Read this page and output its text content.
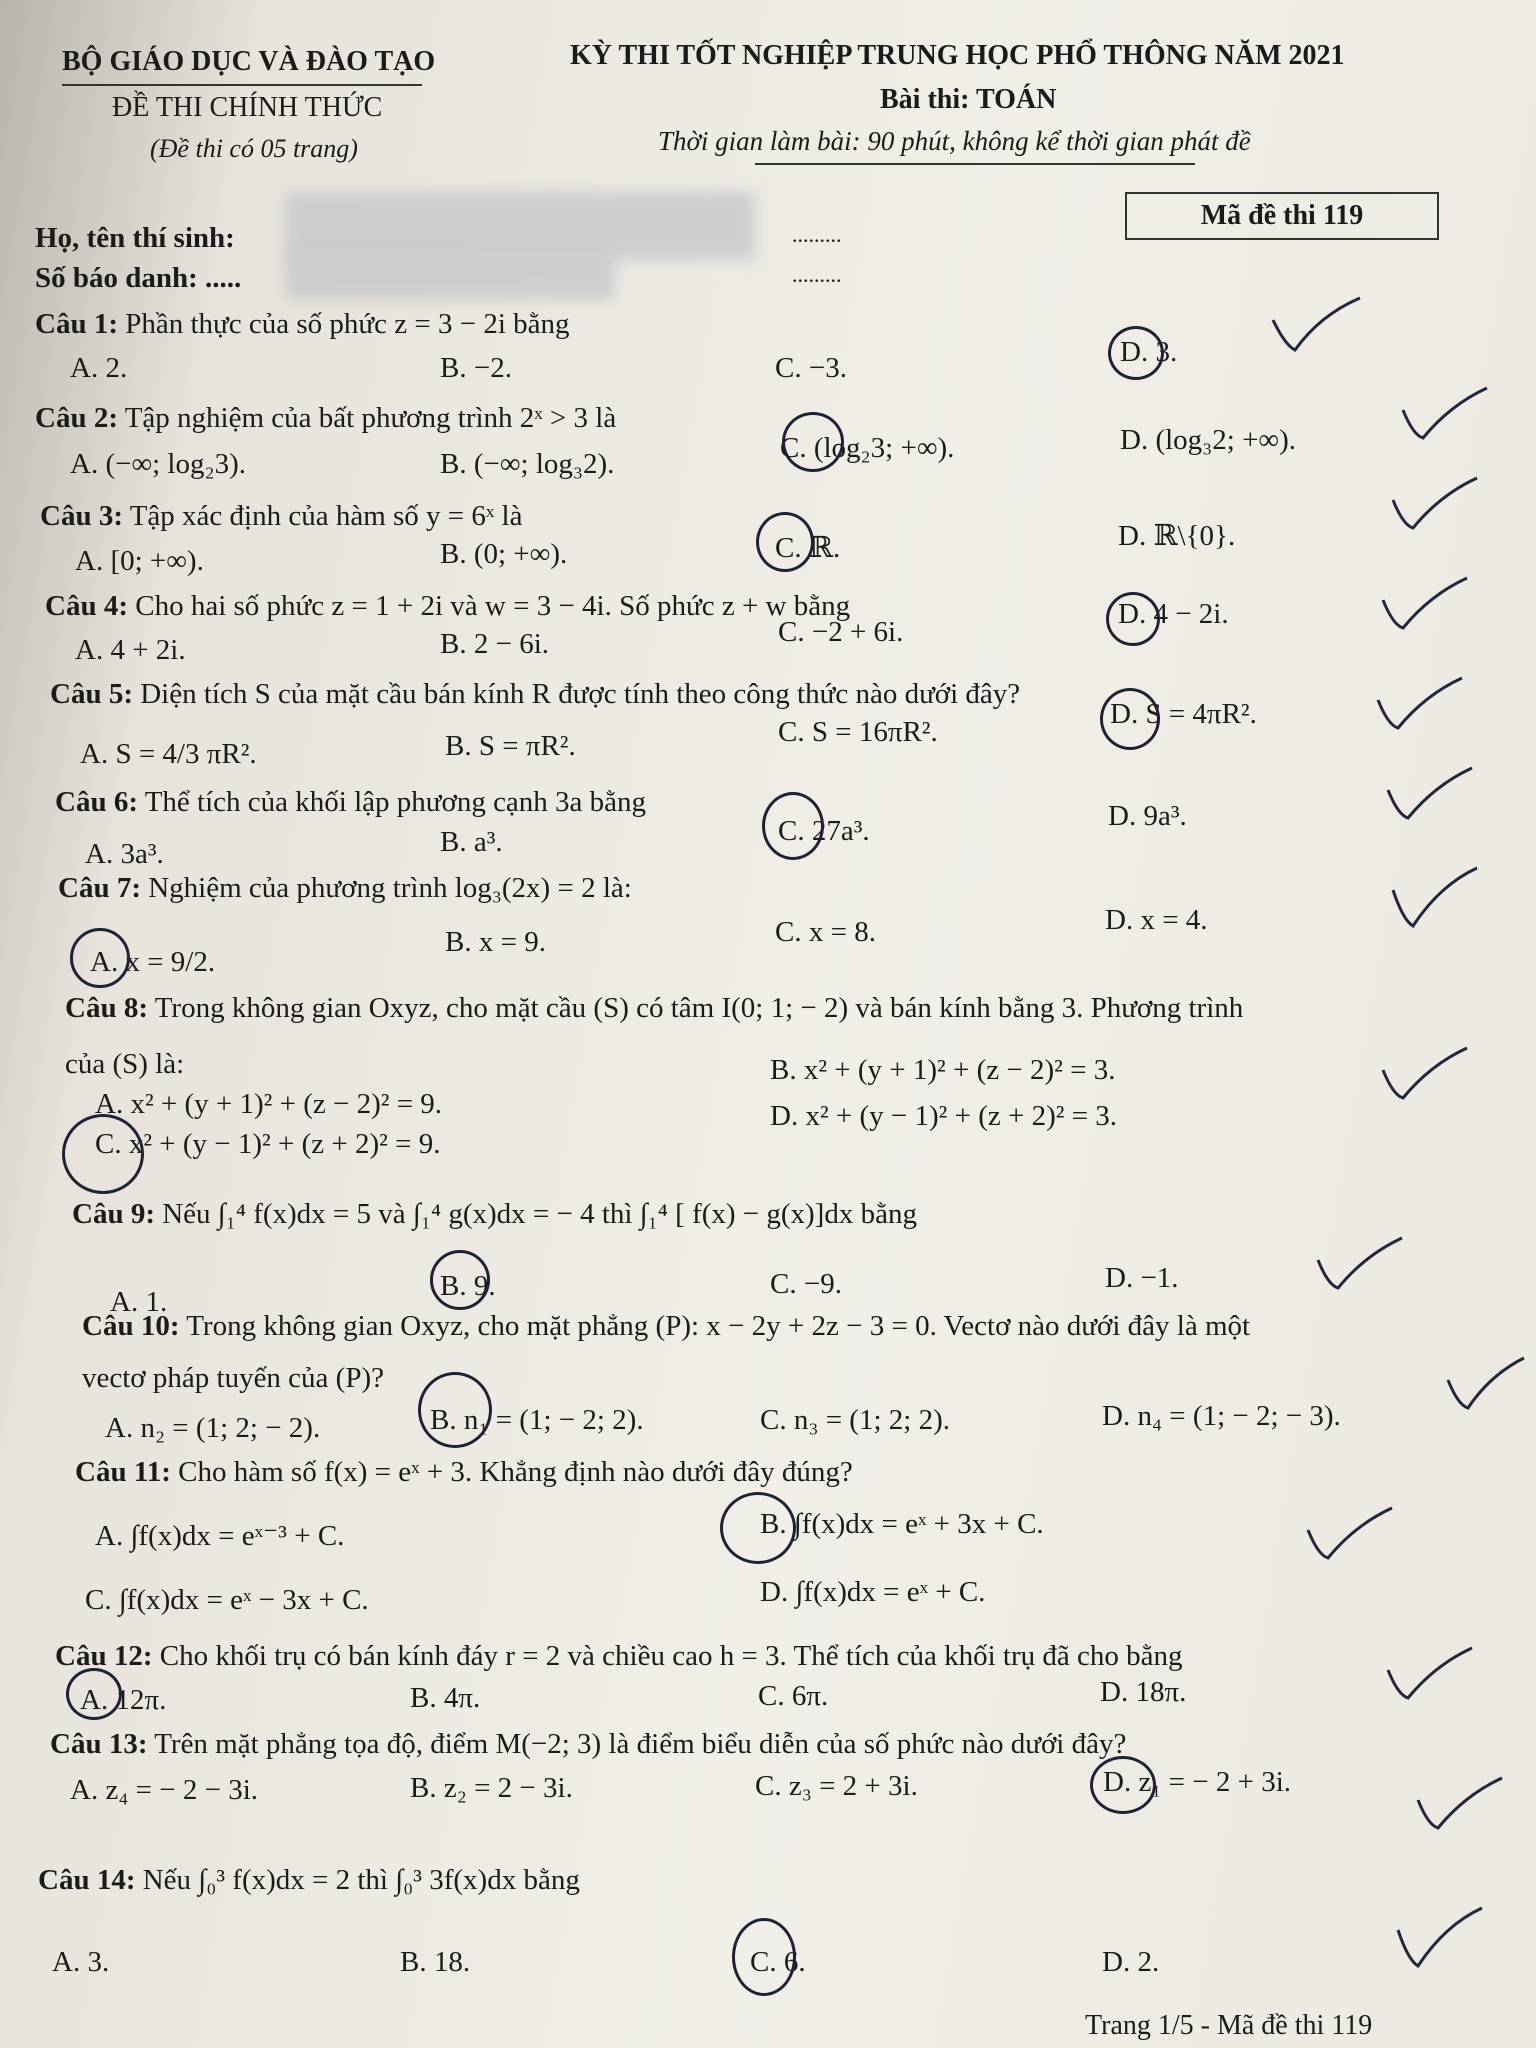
BỘ GIÁO DỤC VÀ ĐÀO TẠO
ĐỀ THI CHÍNH THỨC
(Đề thi có 05 trang)
KỲ THI TỐT NGHIỆP TRUNG HỌC PHỔ THÔNG NĂM 2021
Bài thi: TOÁN
Thời gian làm bài: 90 phút, không kể thời gian phát đề
Mã đề thi 119
Họ, tên thí sinh:	.........
Số báo danh: .....	.........
Câu 1: Phần thực của số phức z = 3 − 2i bằng
A. 2.	B. −2.	C. −3.	D. 3.
Câu 2: Tập nghiệm của bất phương trình 2ˣ > 3 là
A. (−∞; log₂3).	B. (−∞; log₃2).	C. (log₂3; +∞).	D. (log₃2; +∞).
Câu 3: Tập xác định của hàm số y = 6ˣ là
A. [0; +∞).	B. (0; +∞).	C. ℝ.	D. ℝ\{0}.
Câu 4: Cho hai số phức z = 1 + 2i và w = 3 − 4i. Số phức z + w bằng
A. 4 + 2i.	B. 2 − 6i.	C. −2 + 6i.
D. 4 − 2i.
Câu 5: Diện tích S của mặt cầu bán kính R được tính theo công thức nào dưới đây?
A. S = 4/3 πR².	B. S = πR².	C. S = 16πR².
D. S = 4πR².
Câu 6: Thể tích của khối lập phương cạnh 3a bằng
A. 3a³.	B. a³.	C. 27a³.	D. 9a³.
Câu 7: Nghiệm của phương trình log₃(2x) = 2 là:
A. x = 9/2.
B. x = 9.	C. x = 8.	D. x = 4.
Câu 8: Trong không gian Oxyz, cho mặt cầu (S) có tâm I(0; 1; − 2) và bán kính bằng 3. Phương trình
của (S) là:
A. x² + (y + 1)² + (z − 2)² = 9.
B. x² + (y + 1)² + (z − 2)² = 3.
C. x² + (y − 1)² + (z + 2)² = 9.
D. x² + (y − 1)² + (z + 2)² = 3.
Câu 9: Nếu ∫₁⁴ f(x)dx = 5 và ∫₁⁴ g(x)dx = − 4 thì ∫₁⁴ [ f(x) − g(x)]dx bằng
A. 1.	B. 9.	C. −9.	D. −1.
Câu 10: Trong không gian Oxyz, cho mặt phẳng (P): x − 2y + 2z − 3 = 0. Vectơ nào dưới đây là một
vectơ pháp tuyến của (P)?
A. n₂ = (1; 2; − 2).	B. n₁ = (1; − 2; 2).	C. n₃ = (1; 2; 2).	D. n₄ = (1; − 2; − 3).
Câu 11: Cho hàm số f(x) = eˣ + 3. Khẳng định nào dưới đây đúng?
A. ∫f(x)dx = eˣ⁻³ + C.	B. ∫f(x)dx = eˣ + 3x + C.
C. ∫f(x)dx = eˣ − 3x + C.	D. ∫f(x)dx = eˣ + C.
Câu 12: Cho khối trụ có bán kính đáy r = 2 và chiều cao h = 3. Thể tích của khối trụ đã cho bằng
A. 12π.	B. 4π.	C. 6π.	D. 18π.
Câu 13: Trên mặt phẳng tọa độ, điểm M(−2; 3) là điểm biểu diễn của số phức nào dưới đây?
A. z₄ = − 2 − 3i.	B. z₂ = 2 − 3i.	C. z₃ = 2 + 3i.	D. z₁ = − 2 + 3i.
Câu 14: Nếu ∫₀³ f(x)dx = 2 thì ∫₀³ 3f(x)dx bằng
A. 3.	B. 18.	C. 6.	D. 2.
Trang 1/5 - Mã đề thi 119
